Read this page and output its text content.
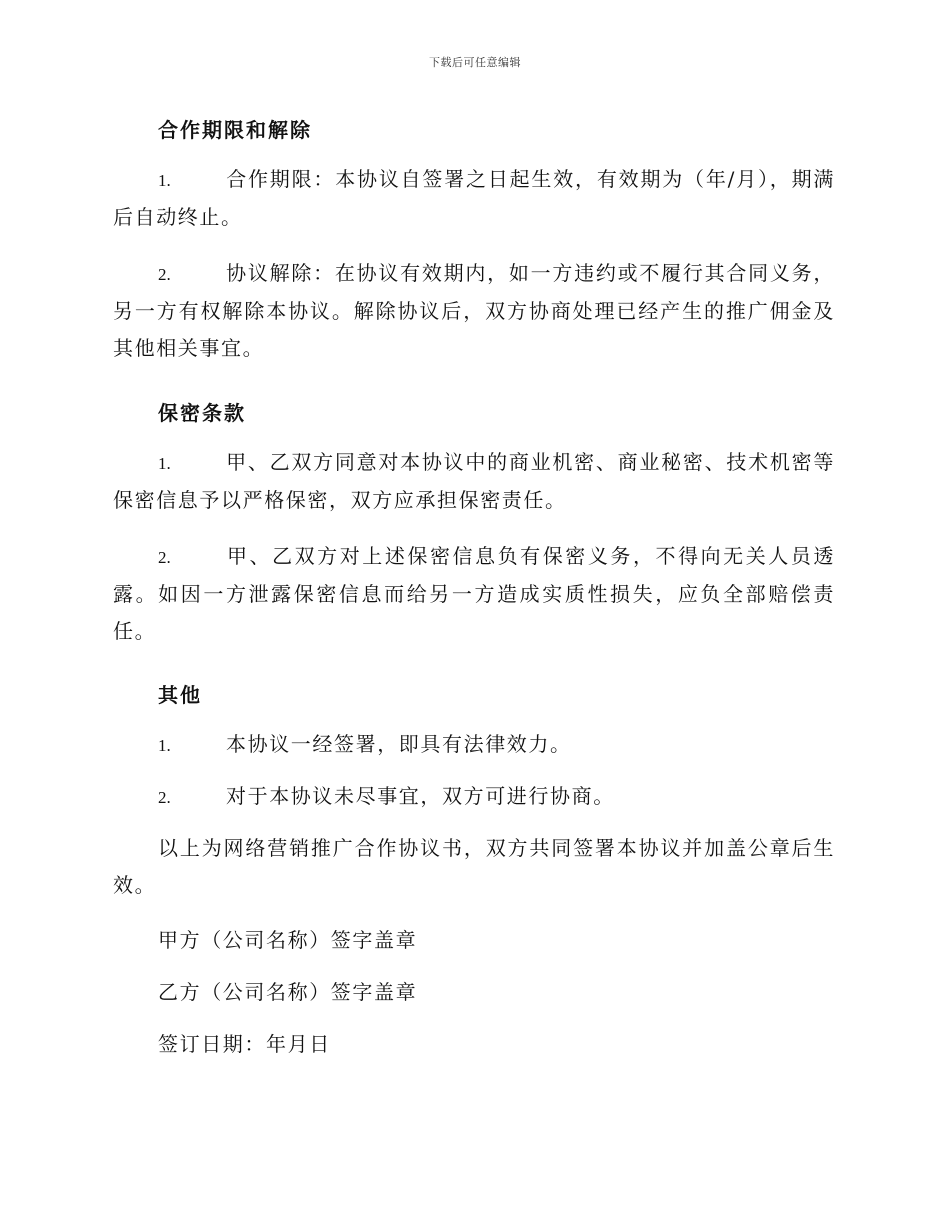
下载后可任意编辑
合作期限和解除
1.	合作期限：本协议自签署之日起生效，有效期为（年/月），期满后自动终止。
2.	协议解除：在协议有效期内，如一方违约或不履行其合同义务，另一方有权解除本协议。解除协议后，双方协商处理已经产生的推广佣金及其他相关事宜。
保密条款
1.	甲、乙双方同意对本协议中的商业机密、商业秘密、技术机密等保密信息予以严格保密，双方应承担保密责任。
2.	甲、乙双方对上述保密信息负有保密义务，不得向无关人员透露。如因一方泄露保密信息而给另一方造成实质性损失，应负全部赔偿责任。
其他
1.	本协议一经签署，即具有法律效力。
2.	对于本协议未尽事宜，双方可进行协商。
以上为网络营销推广合作协议书，双方共同签署本协议并加盖公章后生效。
甲方（公司名称）签字盖章
乙方（公司名称）签字盖章
签订日期：年月日
